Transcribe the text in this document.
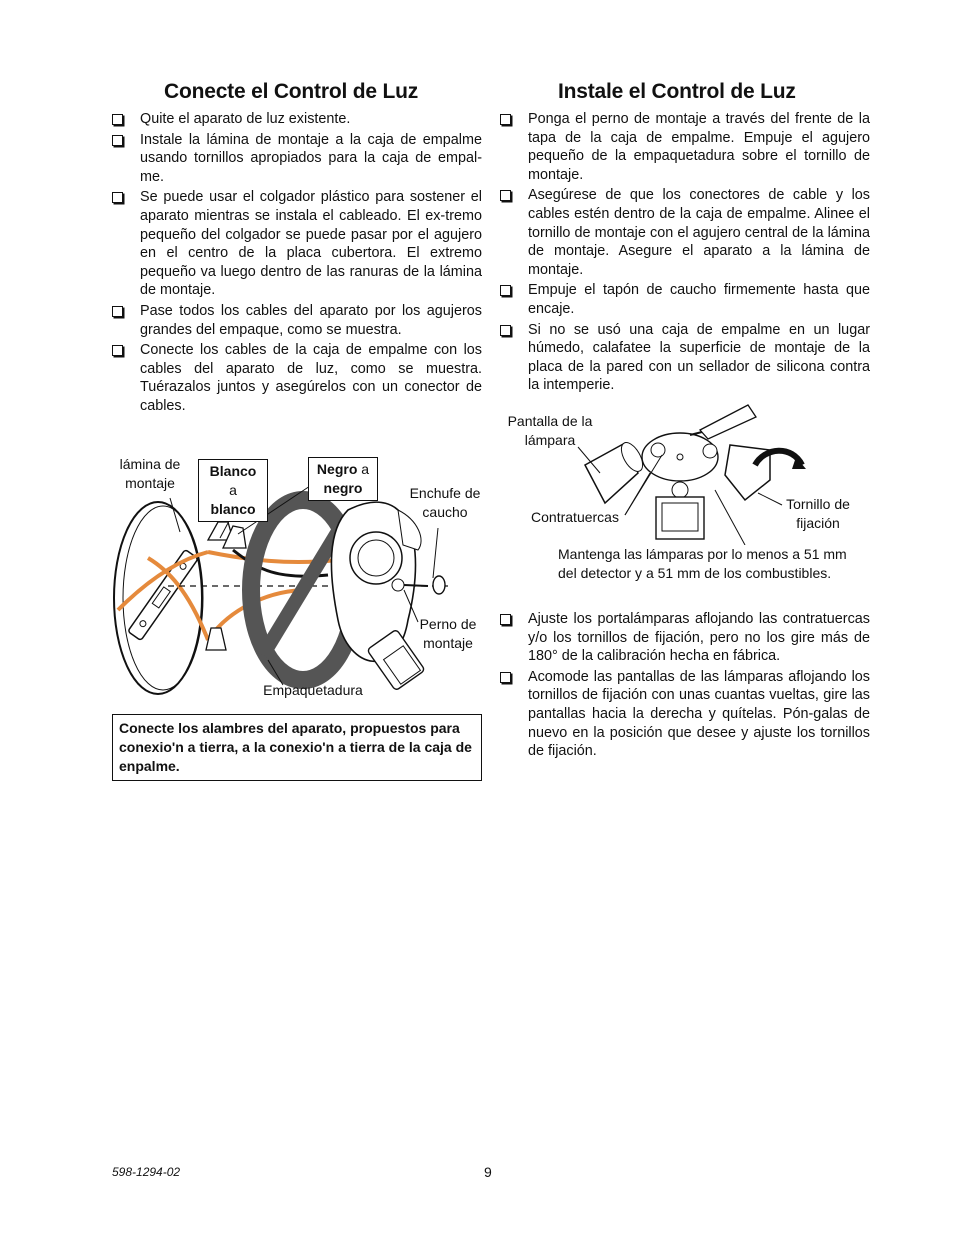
Conecte el Control de Luz
Quite el aparato de luz existente.
Instale la lámina de montaje a la caja de empalme usando tornillos apropiados para la caja de empal-me.
Se puede usar el colgador plástico para sostener el aparato mientras se instala el cableado. El ex-tremo pequeño del colgador se puede pasar por el agujero en el centro de la placa cubertora. El extremo pequeño va luego dentro de las ranuras de la lámina de montaje.
Pase todos los cables del aparato por los agujeros grandes del empaque, como se muestra.
Conecte los cables de la caja de empalme con los cables del aparato de luz, como se muestra. Tuérazalos juntos y asegúrelos con un conector de cables.
lámina de montaje
Blanco a
blanco
Negro a
negro	Enchufe de caucho
Perno de montaje
Empaquetadura
Conecte los alambres del aparato, propuestos para conexio'n a tierra, a la conexio'n a tierra de la caja de enpalme.
Instale el Control de Luz
Ponga el perno de montaje a través del frente de la tapa de la caja de empalme. Empuje el agujero pequeño de la empaquetadura sobre el tornillo de montaje.
Asegúrese de que los conectores de cable y los cables estén dentro de la caja de empalme. Alinee el tornillo de montaje con el agujero central de la lámina de montaje. Asegure el aparato a la lámina de montaje.
Empuje el tapón de caucho firmemente hasta que encaje.
Si no se usó una caja de empalme en un lugar húmedo, calafatee la superficie de montaje de la placa de la pared con un sellador de silicona contra la intemperie.
Pantalla de la lámpara
Contratuercas
Tornillo de fijación
Mantenga las lámparas por lo menos a 51 mm del detector y a 51 mm de los combustibles.
Ajuste los portalámparas aflojando las contratuercas y/o los tornillos de fijación, pero no los gire más de 180° de la calibración hecha en fábrica.
Acomode las pantallas de las lámparas aflojando los tornillos de fijación con unas cuantas vueltas, gire las pantallas hacia la derecha y quítelas. Pón-galas de nuevo en la posición que desee y ajuste los tornillos de fijación.
598-1294-02	9
